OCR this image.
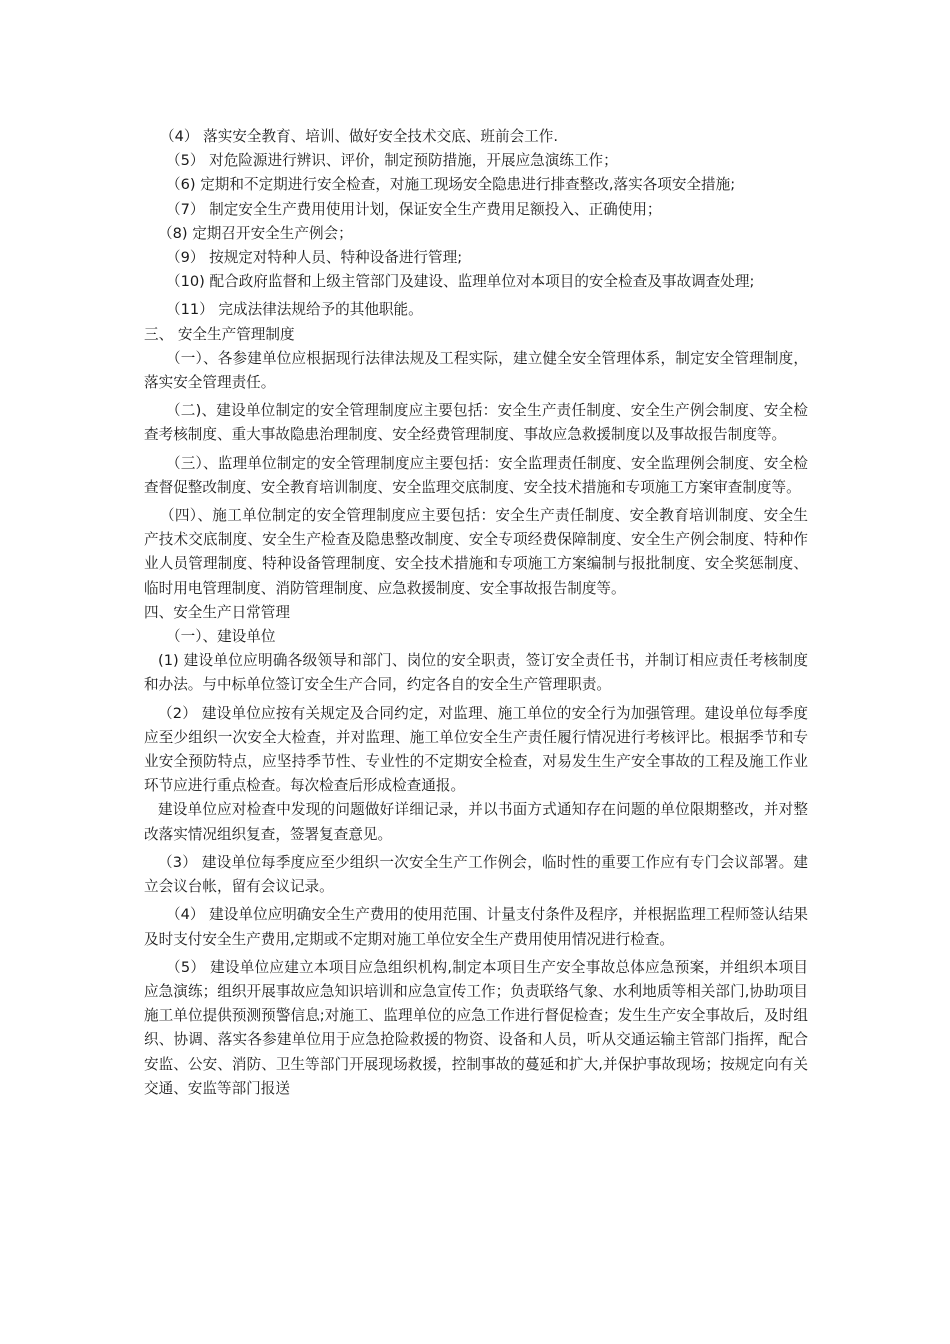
（4） 落实安全教育、培训、做好安全技术交底、班前会工作.

（5） 对危险源进行辨识、评价，制定预防措施，开展应急演练工作；

（6) 定期和不定期进行安全检查，对施工现场安全隐患进行排查整改,落实各项安全措施;

（7） 制定安全生产费用使用计划，保证安全生产费用足额投入、正确使用；

（8) 定期召开安全生产例会；

（9） 按规定对特种人员、特种设备进行管理;

（10) 配合政府监督和上级主管部门及建设、监理单位对本项目的安全检查及事故调查处理;

（11） 完成法律法规给予的其他职能。

三、 安全生产管理制度

（一）、各参建单位应根据现行法律法规及工程实际，建立健全安全管理体系，制定安全管理制度，落实安全管理责任。

（二)、建设单位制定的安全管理制度应主要包括：安全生产责任制度、安全生产例会制度、安全检查考核制度、重大事故隐患治理制度、安全经费管理制度、事故应急救援制度以及事故报告制度等。

（三）、监理单位制定的安全管理制度应主要包括：安全监理责任制度、安全监理例会制度、安全检查督促整改制度、安全教育培训制度、安全监理交底制度、安全技术措施和专项施工方案审查制度等。

（四）、施工单位制定的安全管理制度应主要包括：安全生产责任制度、安全教育培训制度、安全生产技术交底制度、安全生产检查及隐患整改制度、安全专项经费保障制度、安全生产例会制度、特种作业人员管理制度、特种设备管理制度、安全技术措施和专项施工方案编制与报批制度、安全奖惩制度、临时用电管理制度、消防管理制度、应急救援制度、安全事故报告制度等。

四、安全生产日常管理

（一）、建设单位

(1) 建设单位应明确各级领导和部门、岗位的安全职责，签订安全责任书，并制订相应责任考核制度和办法。与中标单位签订安全生产合同，约定各自的安全生产管理职责。

（2） 建设单位应按有关规定及合同约定，对监理、施工单位的安全行为加强管理。建设单位每季度应至少组织一次安全大检查，并对监理、施工单位安全生产责任履行情况进行考核评比。根据季节和专业安全预防特点，应坚持季节性、专业性的不定期安全检查，对易发生生产安全事故的工程及施工作业环节应进行重点检查。每次检查后形成检查通报。

建设单位应对检查中发现的问题做好详细记录，并以书面方式通知存在问题的单位限期整改，并对整改落实情况组织复查，签署复查意见。

（3） 建设单位每季度应至少组织一次安全生产工作例会，临时性的重要工作应有专门会议部署。建立会议台帐，留有会议记录。

（4） 建设单位应明确安全生产费用的使用范围、计量支付条件及程序，并根据监理工程师签认结果及时支付安全生产费用,定期或不定期对施工单位安全生产费用使用情况进行检查。

（5） 建设单位应建立本项目应急组织机构,制定本项目生产安全事故总体应急预案，并组织本项目应急演练；组织开展事故应急知识培训和应急宣传工作；负责联络气象、水利地质等相关部门,协助项目施工单位提供预测预警信息;对施工、监理单位的应急工作进行督促检查；发生生产安全事故后，及时组织、协调、落实各参建单位用于应急抢险救援的物资、设备和人员，听从交通运输主管部门指挥，配合安监、公安、消防、卫生等部门开展现场救援，控制事故的蔓延和扩大,并保护事故现场；按规定向有关交通、安监等部门报送
